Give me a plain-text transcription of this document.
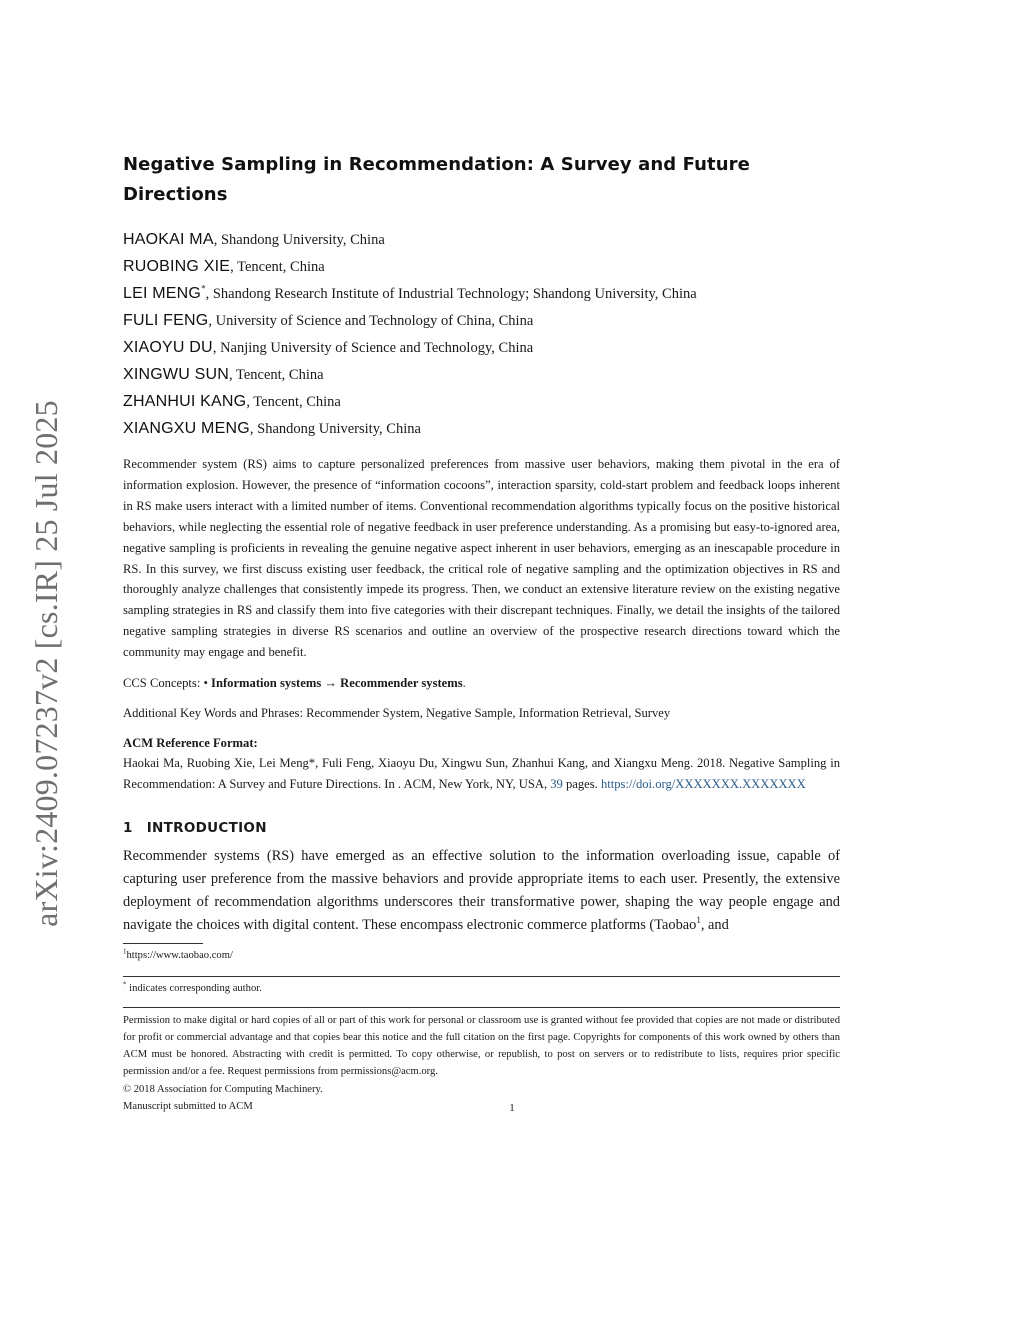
arXiv:2409.07237v2 [cs.IR] 25 Jul 2025
Negative Sampling in Recommendation: A Survey and Future Directions
HAOKAI MA, Shandong University, China
RUOBING XIE, Tencent, China
LEI MENG*, Shandong Research Institute of Industrial Technology; Shandong University, China
FULI FENG, University of Science and Technology of China, China
XIAOYU DU, Nanjing University of Science and Technology, China
XINGWU SUN, Tencent, China
ZHANHUI KANG, Tencent, China
XIANGXU MENG, Shandong University, China

Recommender system (RS) aims to capture personalized preferences from massive user behaviors, making them pivotal in the era of information explosion. However, the presence of “information cocoons”, interaction sparsity, cold-start problem and feedback loops inherent in RS make users interact with a limited number of items. Conventional recommendation algorithms typically focus on the positive historical behaviors, while neglecting the essential role of negative feedback in user preference understanding. As a promising but easy-to-ignored area, negative sampling is proficients in revealing the genuine negative aspect inherent in user behaviors, emerging as an inescapable procedure in RS. In this survey, we first discuss existing user feedback, the critical role of negative sampling and the optimization objectives in RS and thoroughly analyze challenges that consistently impede its progress. Then, we conduct an extensive literature review on the existing negative sampling strategies in RS and classify them into five categories with their discrepant techniques. Finally, we detail the insights of the tailored negative sampling strategies in diverse RS scenarios and outline an overview of the prospective research directions toward which the community may engage and benefit.

CCS Concepts: • Information systems → Recommender systems.
Additional Key Words and Phrases: Recommender System, Negative Sample, Information Retrieval, Survey
ACM Reference Format:
Haokai Ma, Ruobing Xie, Lei Meng*, Fuli Feng, Xiaoyu Du, Xingwu Sun, Zhanhui Kang, and Xiangxu Meng. 2018. Negative Sampling in Recommendation: A Survey and Future Directions. In . ACM, New York, NY, USA, 39 pages. https://doi.org/XXXXXXX.XXXXXXX
1 INTRODUCTION
Recommender systems (RS) have emerged as an effective solution to the information overloading issue, capable of capturing user preference from the massive behaviors and provide appropriate items to each user. Presently, the extensive deployment of recommendation algorithms underscores their transformative power, shaping the way people engage and navigate the choices with digital content. These encompass electronic commerce platforms (Taobao$^1$, and
$^1$https://www.taobao.com/
* indicates corresponding author.
Permission to make digital or hard copies of all or part of this work for personal or classroom use is granted without fee provided that copies are not made or distributed for profit or commercial advantage and that copies bear this notice and the full citation on the first page. Copyrights for components of this work owned by others than ACM must be honored. Abstracting with credit is permitted. To copy otherwise, or republish, to post on servers or to redistribute to lists, requires prior specific permission and/or a fee. Request permissions from permissions@acm.org.
© 2018 Association for Computing Machinery.
Manuscript submitted to ACM	1
